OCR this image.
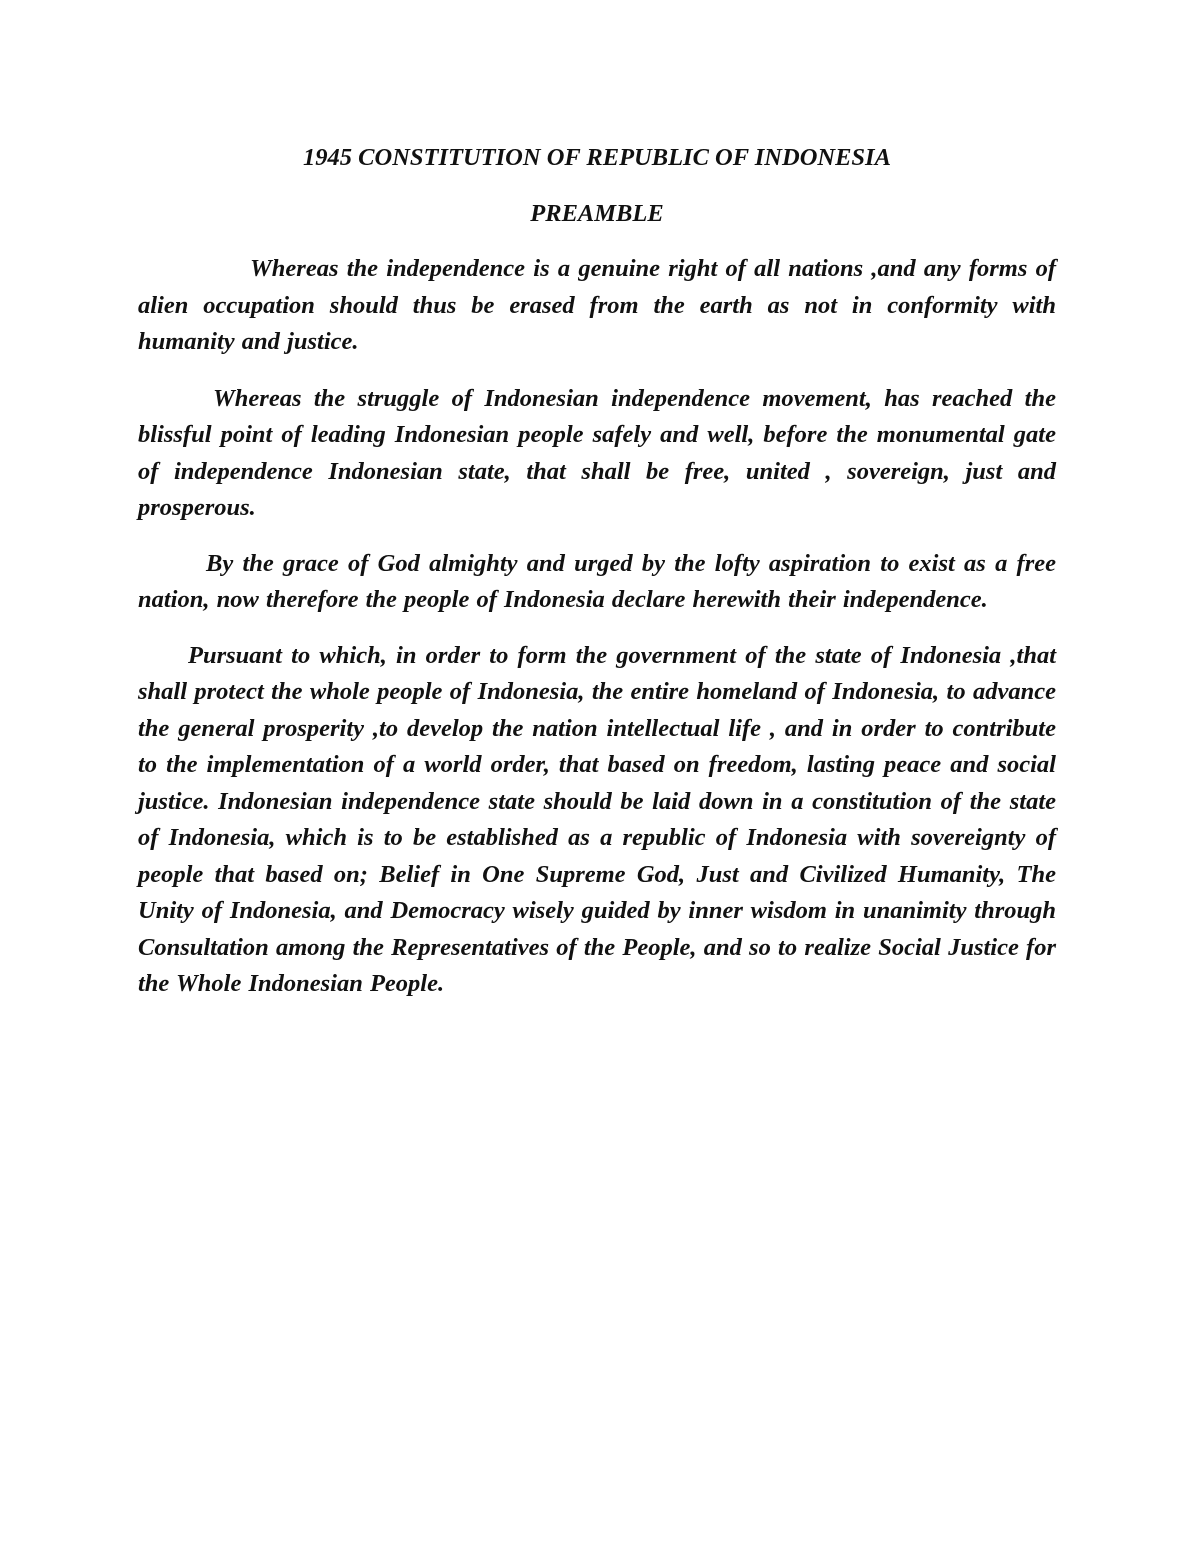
1945 CONSTITUTION OF REPUBLIC OF INDONESIA
PREAMBLE

Whereas the independence is a genuine right of all nations ,and any forms of alien occupation should thus be erased from the earth as not in conformity with humanity and justice.

Whereas the struggle of Indonesian independence movement, has reached the blissful point of leading Indonesian people safely and well, before the monumental gate of independence Indonesian state, that shall be free, united , sovereign, just and prosperous.

By the grace of God almighty and urged by the lofty aspiration to exist as a free nation, now therefore the people of Indonesia declare herewith their independence.

Pursuant to which, in order to form the government of the state of Indonesia ,that shall protect the whole people of Indonesia, the entire homeland of Indonesia, to advance the general prosperity ,to develop the nation intellectual life , and in order to contribute to the implementation of a world order, that based on freedom, lasting peace and social justice. Indonesian independence state should be laid down in a constitution of the state of Indonesia, which is to be established as a republic of Indonesia with sovereignty of people that based on; Belief in One Supreme God, Just and Civilized Humanity, The Unity of Indonesia, and Democracy wisely guided by inner wisdom in unanimity through Consultation among the Representatives of the People, and so to realize Social Justice for the Whole Indonesian People.
